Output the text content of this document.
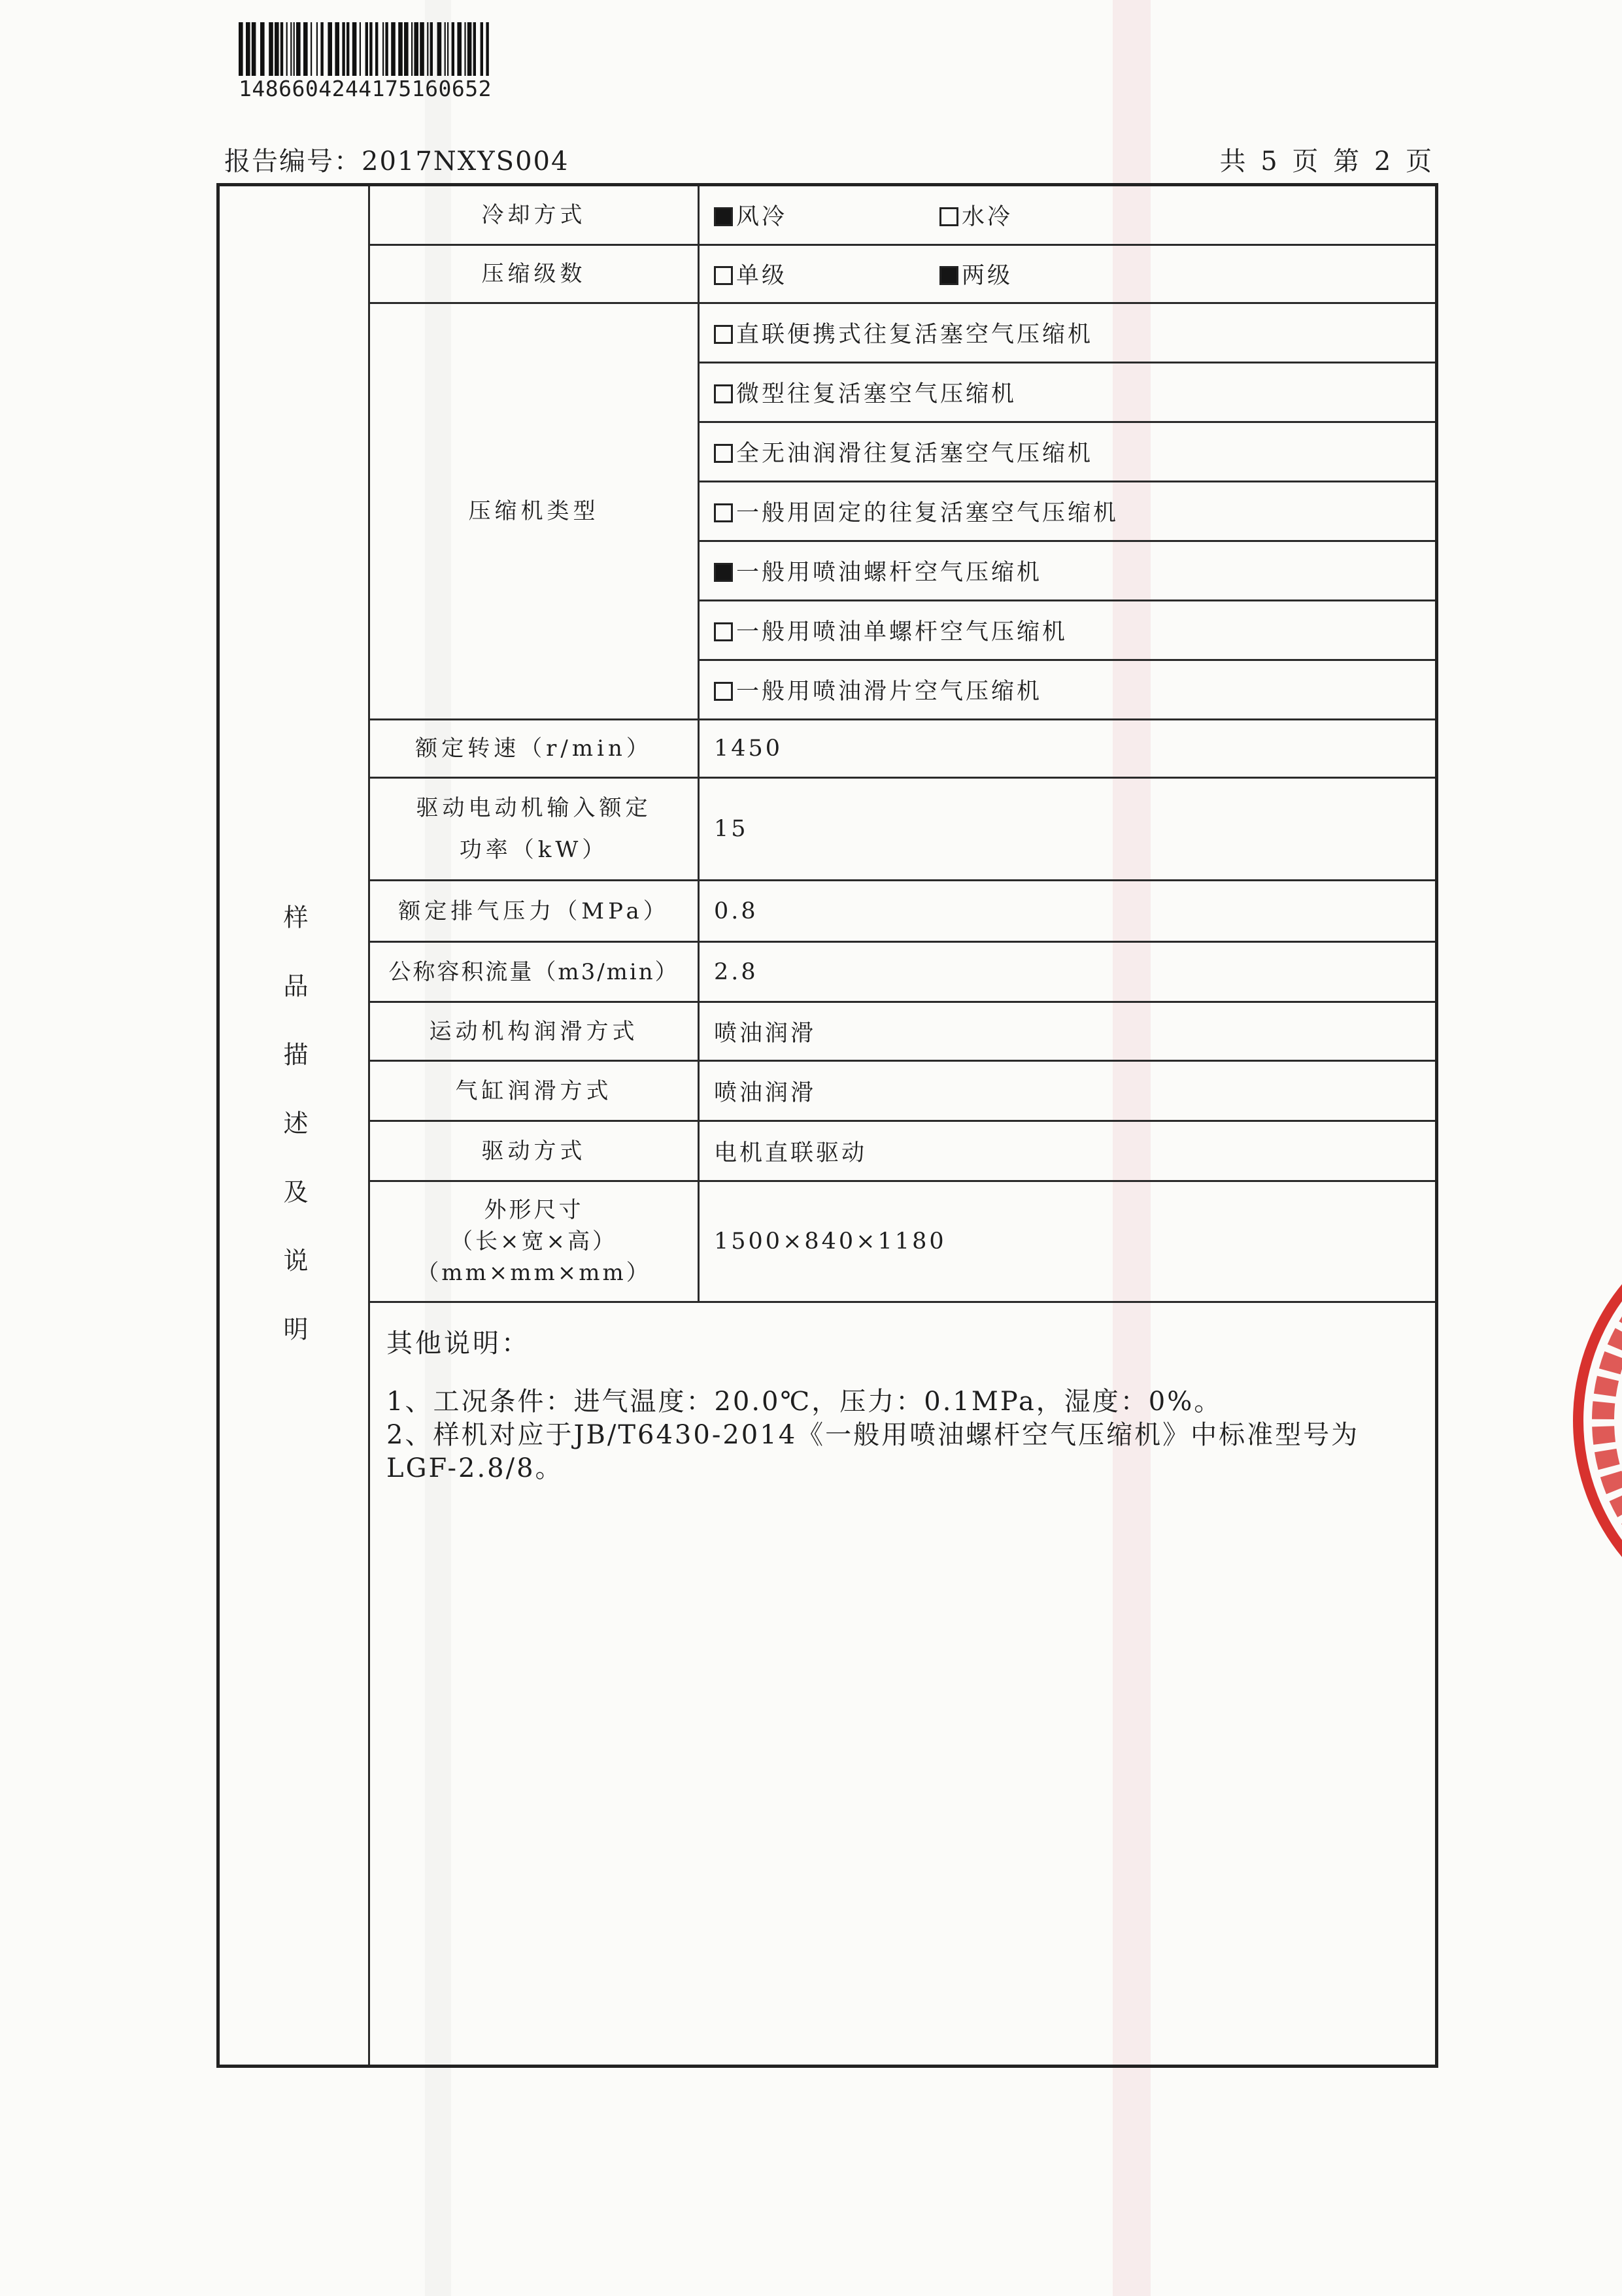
1486604244175160652
报告编号：2017NXYS004	共 5 页 第 2 页
样品描述及说明	冷却方式	风冷 水冷
	压缩级数	单级 两级
	压缩机类型	直联便携式往复活塞空气压缩机
		微型往复活塞空气压缩机
		全无油润滑往复活塞空气压缩机
		一般用固定的往复活塞空气压缩机
		一般用喷油螺杆空气压缩机
		一般用喷油单螺杆空气压缩机
		一般用喷油滑片空气压缩机

	额定转速（r/min）	1450

	驱动电动机输入额定
功率（kW）	15

	额定排气压力（MPa）	0.8

	公称容积流量（m3/min）	2.8

	运动机构润滑方式	喷油润滑

	气缸润滑方式	喷油润滑

	驱动方式	电机直联驱动

	外形尺寸
（长×宽×高）
（mm×mm×mm）	1500×840×1180

	其他说明：
1、工况条件：进气温度：20.0℃，压力：0.1MPa，湿度：0%。
2、样机对应于JB/T6430-2014《一般用喷油螺杆空气压缩机》中标准型号为
LGF-2.8/8。	
